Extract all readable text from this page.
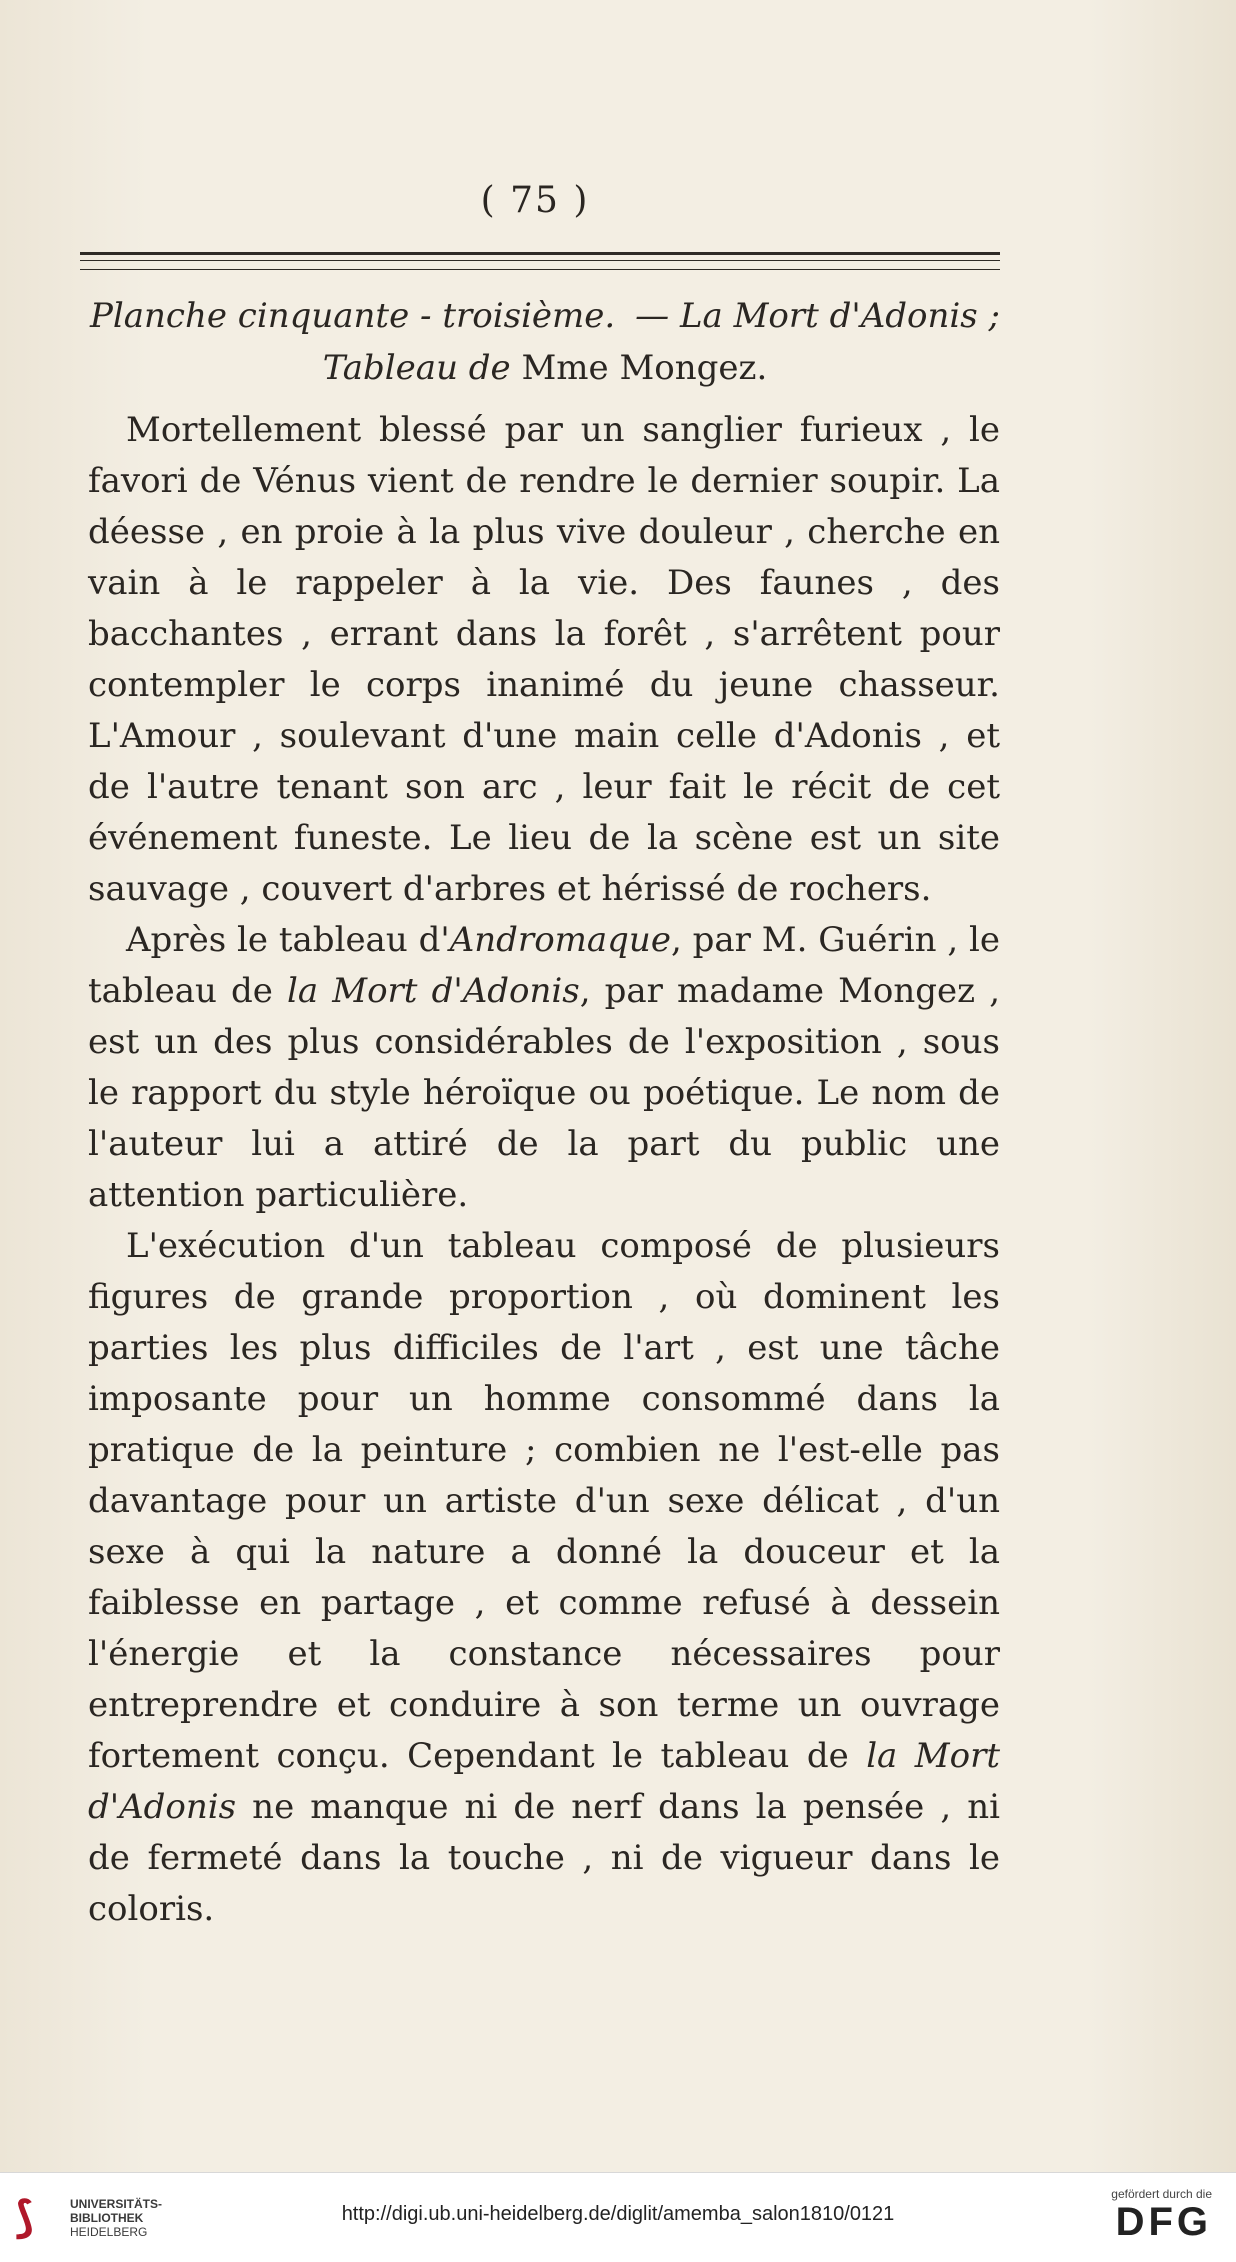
( 75 )
Planche cinquante - troisième. — La Mort d'Adonis ;
Tableau de Mme Mongez.

Mortellement blessé par un sanglier furieux , le favori de Vénus vient de rendre le dernier soupir. La déesse , en proie à la plus vive douleur , cherche en vain à le rappeler à la vie. Des faunes , des bacchantes , errant dans la forêt , s'arrêtent pour contempler le corps inanimé du jeune chasseur. L'Amour , soulevant d'une main celle d'Adonis , et de l'autre tenant son arc , leur fait le récit de cet événement funeste. Le lieu de la scène est un site sauvage , couvert d'arbres et hérissé de rochers.

Après le tableau d'Andromaque, par M. Guérin , le tableau de la Mort d'Adonis, par madame Mongez , est un des plus considérables de l'exposition , sous le rapport du style héroïque ou poétique. Le nom de l'auteur lui a attiré de la part du public une attention particulière.

L'exécution d'un tableau composé de plusieurs figures de grande proportion , où dominent les parties les plus difficiles de l'art , est une tâche imposante pour un homme consommé dans la pratique de la peinture ; combien ne l'est-elle pas davantage pour un artiste d'un sexe délicat , d'un sexe à qui la nature a donné la douceur et la faiblesse en partage , et comme refusé à dessein l'énergie et la constance nécessaires pour entreprendre et conduire à son terme un ouvrage fortement conçu. Cependant le tableau de la Mort d'Adonis ne manque ni de nerf dans la pensée , ni de fermeté dans la touche , ni de vigueur dans le coloris.

⟆	UNIVERSITÄTS-
BIBLIOTHEK
HEIDELBERG
http://digi.ub.uni-heidelberg.de/diglit/amemba_salon1810/0121
gefördert durch die
DFG
